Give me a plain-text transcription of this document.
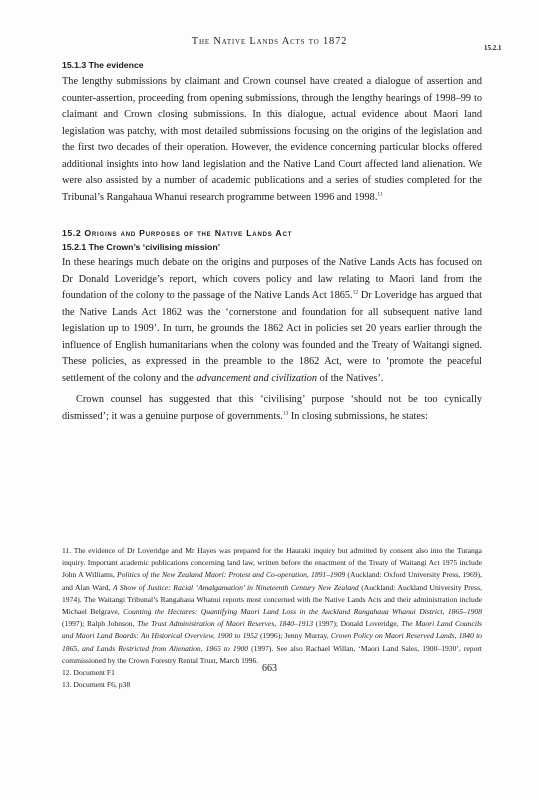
The Native Lands Acts to 1872
15.2.1

15.1.3 The evidence

The lengthy submissions by claimant and Crown counsel have created a dialogue of assertion and counter-assertion, proceeding from opening submissions, through the lengthy hearings of 1998–99 to claimant and Crown closing submissions. In this dialogue, actual evidence about Maori land legislation was patchy, with most detailed submissions focusing on the origins of the legislation and the first two decades of their operation. However, the evidence concerning particular blocks offered additional insights into how land legislation and the Native Land Court affected land alienation. We were also assisted by a number of academic publications and a series of studies completed for the Tribunal’s Rangahaua Whanui research programme between 1996 and 1998.11

15.2 Origins and Purposes of the Native Lands Act

15.2.1 The Crown’s ‘civilising mission’

In these hearings much debate on the origins and purposes of the Native Lands Acts has focused on Dr Donald Loveridge’s report, which covers policy and law relating to Maori land from the foundation of the colony to the passage of the Native Lands Act 1865.12 Dr Loveridge has argued that the Native Lands Act 1862 was the ‘cornerstone and foundation for all subsequent native land legislation up to 1909’. In turn, he grounds the 1862 Act in policies set 20 years earlier through the influence of English humanitarians when the colony was founded and the Treaty of Waitangi signed. These policies, as expressed in the preamble to the 1862 Act, were to ‘promote the peaceful settlement of the colony and the advancement and civilization of the Natives’.

Crown counsel has suggested that this ‘civilising’ purpose ‘should not be too cynically dismissed’; it was a genuine purpose of governments.$^{13}$ In closing submissions, he states:

11. The evidence of Dr Loveridge and Mr Hayes was prepared for the Hauraki inquiry but admitted by consent also into the Turanga inquiry. Important academic publications concerning land law, written before the enactment of the Treaty of Waitangi Act 1975 include John A Williams, Politics of the New Zealand Maori: Protest and Co-operation, 1891–1909 (Auckland: Oxford University Press, 1969), and Alan Ward, A Show of Justice: Racial ‘Amalgamation’ in Nineteenth Century New Zealand (Auckland: Auckland University Press, 1974). The Waitangi Tribunal’s Rangahaua Whanui reports most concerned with the Native Lands Acts and their administration include Michael Belgrave, Counting the Hectares: Quantifying Maori Land Loss in the Auckland Rangahaua Whanui District, 1865–1908 (1997); Ralph Johnson, The Trust Administration of Maori Reserves, 1840–1913 (1997); Donald Loveridge, The Maori Land Councils and Maori Land Boards: An Historical Overview, 1900 to 1952 (1996); Jenny Murray, Crown Policy on Maori Reserved Lands, 1840 to 1865, and Lands Restricted from Alienation, 1865 to 1900 (1997). See also Rachael Willan, ‘Maori Land Sales, 1900–1930’, report commissioned by the Crown Forestry Rental Trust, March 1996.

12. Document F1

13. Document F6, p38

663
